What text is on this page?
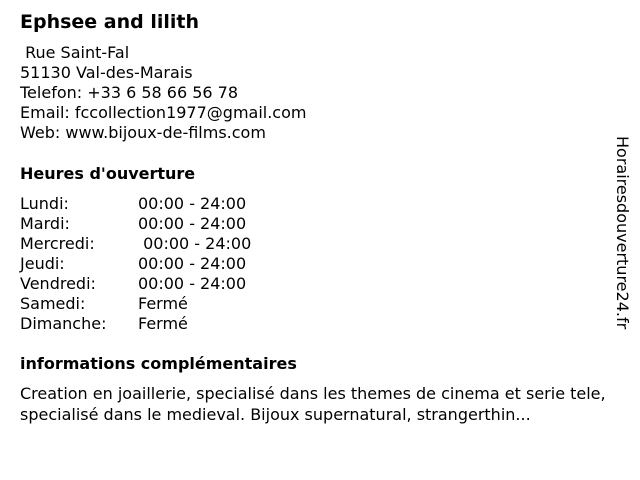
Ephsee and lilith
Rue Saint-Fal
51130 Val-des-Marais
Telefon: +33 6 58 66 56 78
Email: fccollection1977@gmail.com
Web: www.bijoux-de-films.com
Heures d'ouverture
Lundi:	00:00 - 24:00
Mardi:	00:00 - 24:00
Mercredi:	00:00 - 24:00
Jeudi:	00:00 - 24:00
Vendredi:	00:00 - 24:00
Samedi:	Fermé
Dimanche:	Fermé
informations complémentaires
Creation en joaillerie, specialisé dans les themes de cinema et serie tele, specialisé dans le medieval. Bijoux supernatural, strangerthin...
Horairesdouverture24.fr
